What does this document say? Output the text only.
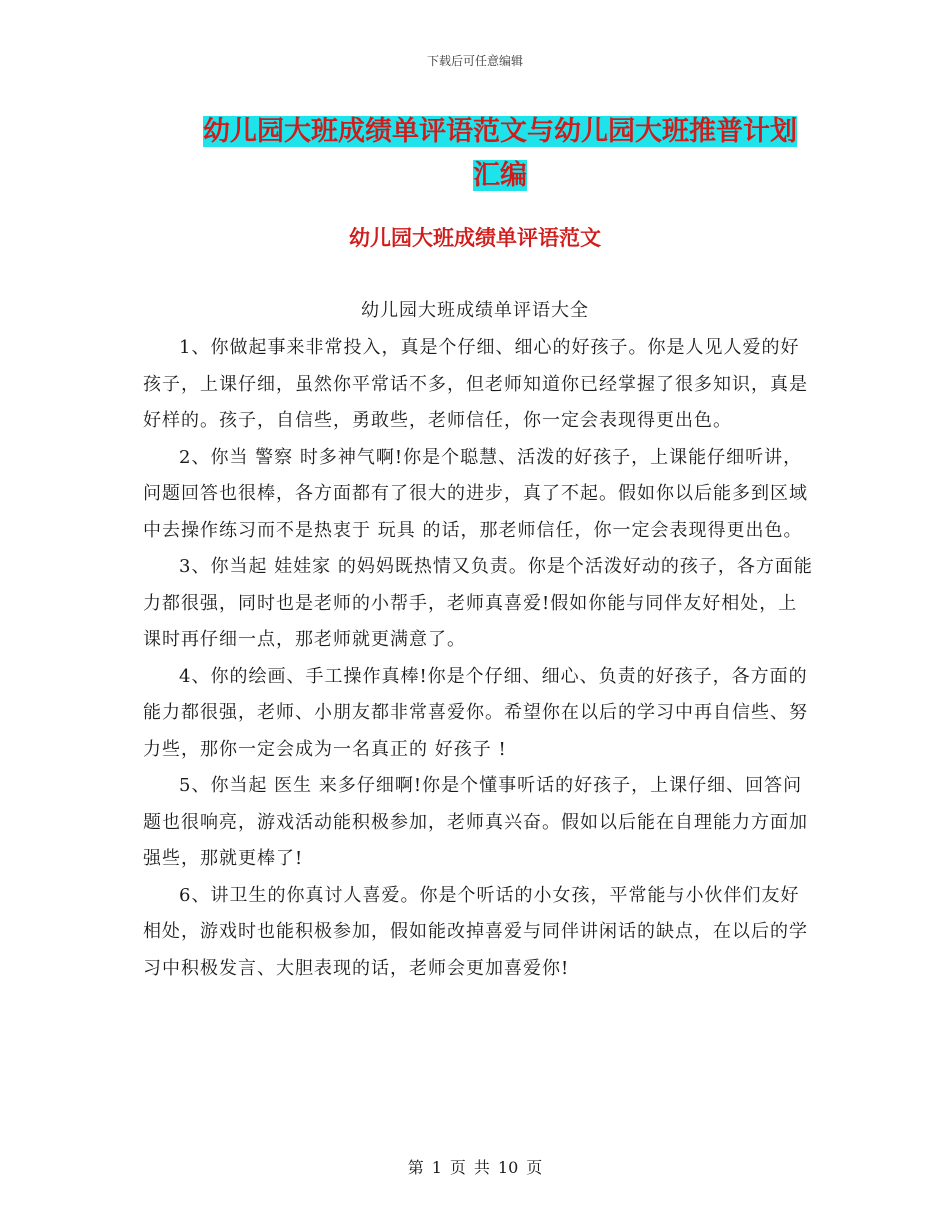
下载后可任意编辑
幼儿园大班成绩单评语范文与幼儿园大班推普计划汇编
幼儿园大班成绩单评语范文
幼儿园大班成绩单评语大全

1、你做起事来非常投入，真是个仔细、细心的好孩子。你是人见人爱的好孩子，上课仔细，虽然你平常话不多，但老师知道你已经掌握了很多知识，真是好样的。孩子，自信些，勇敢些，老师信任，你一定会表现得更出色。

2、你当 警察 时多神气啊!你是个聪慧、活泼的好孩子，上课能仔细听讲，问题回答也很棒，各方面都有了很大的进步，真了不起。假如你以后能多到区域中去操作练习而不是热衷于 玩具 的话，那老师信任，你一定会表现得更出色。

3、你当起 娃娃家 的妈妈既热情又负责。你是个活泼好动的孩子，各方面能力都很强，同时也是老师的小帮手，老师真喜爱!假如你能与同伴友好相处，上课时再仔细一点，那老师就更满意了。

4、你的绘画、手工操作真棒!你是个仔细、细心、负责的好孩子，各方面的能力都很强，老师、小朋友都非常喜爱你。希望你在以后的学习中再自信些、努力些，那你一定会成为一名真正的 好孩子 !

5、你当起 医生 来多仔细啊!你是个懂事听话的好孩子，上课仔细、回答问题也很响亮，游戏活动能积极参加，老师真兴奋。假如以后能在自理能力方面加强些，那就更棒了!

6、讲卫生的你真讨人喜爱。你是个听话的小女孩，平常能与小伙伴们友好相处，游戏时也能积极参加，假如能改掉喜爱与同伴讲闲话的缺点，在以后的学习中积极发言、大胆表现的话，老师会更加喜爱你!

第 1 页 共 10 页
